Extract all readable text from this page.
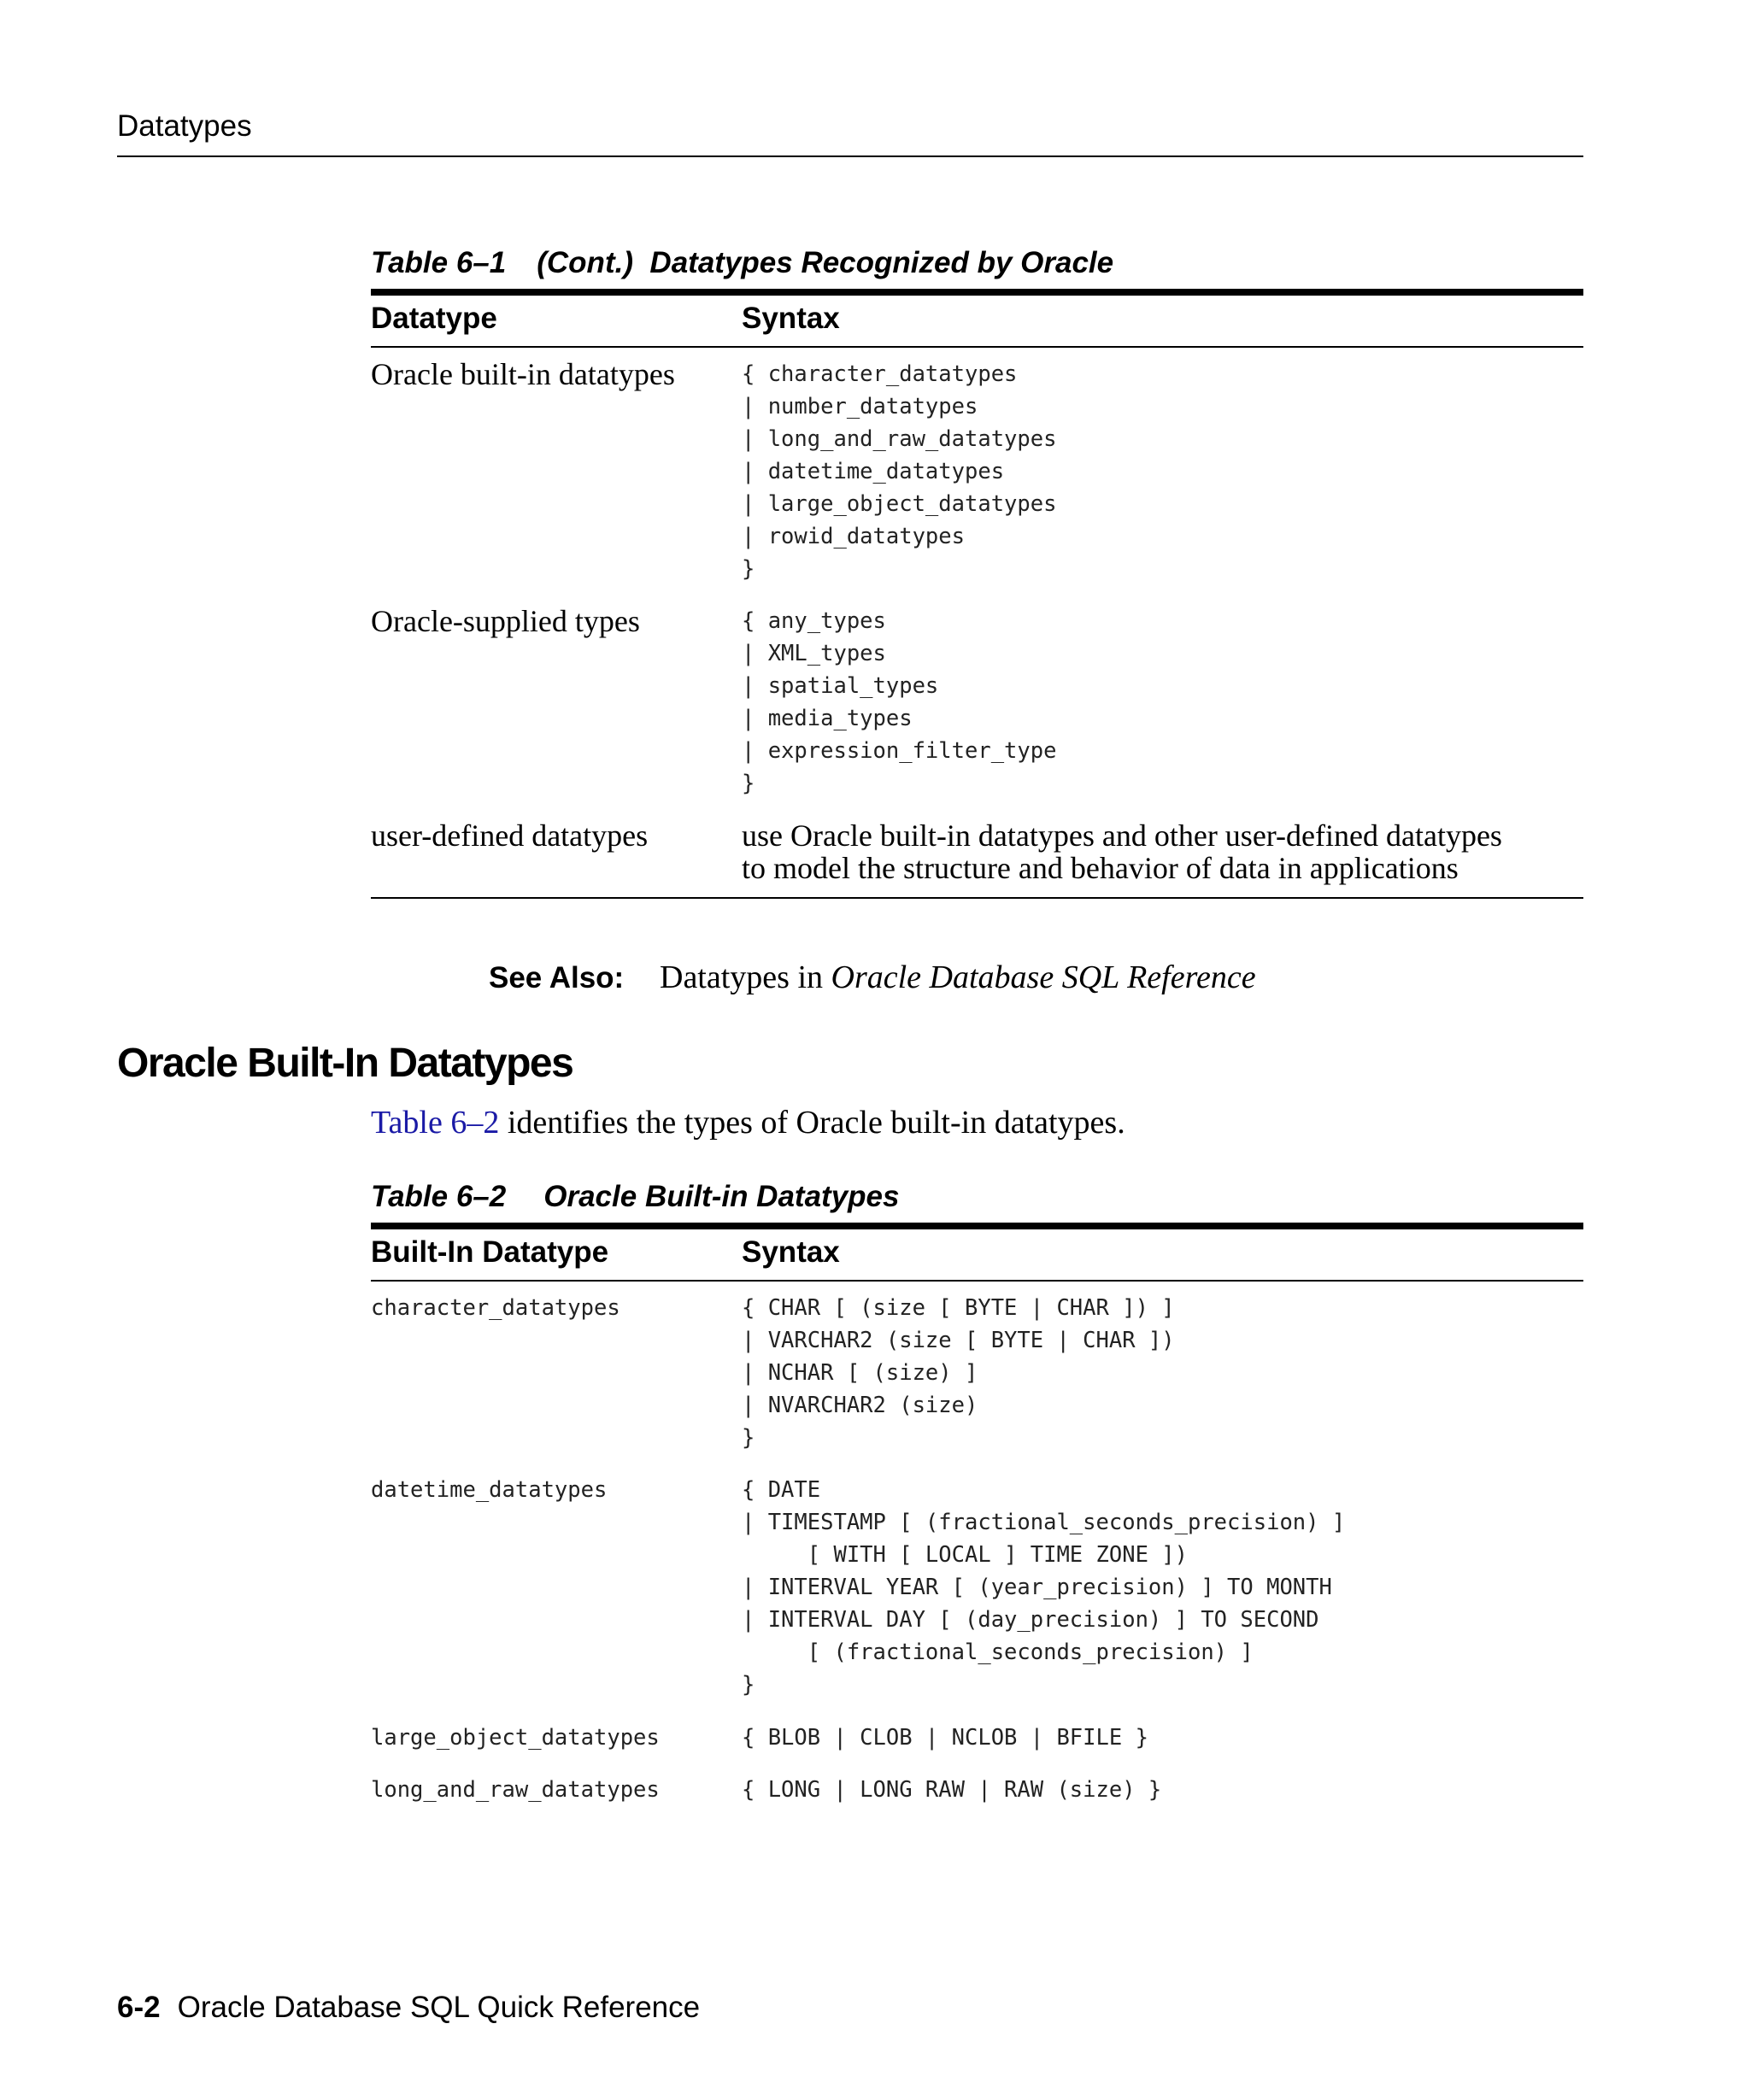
Datatypes
Table 6–1 (Cont.)  Datatypes Recognized by Oracle
Datatype	Syntax
Oracle built-in datatypes	{ character_datatypes
| number_datatypes
| long_and_raw_datatypes
| datetime_datatypes
| large_object_datatypes
| rowid_datatypes
}
Oracle-supplied types	{ any_types
| XML_types
| spatial_types
| media_types
| expression_filter_type
}
user-defined datatypes	use Oracle built-in datatypes and other user-defined datatypes
to model the structure and behavior of data in applications
See Also: Datatypes in Oracle Database SQL Reference
Oracle Built-In Datatypes
Table 6–2 identifies the types of Oracle built-in datatypes.
Table 6–2 Oracle Built-in Datatypes
Built-In Datatype	Syntax
character_datatypes	{ CHAR [ (size [ BYTE | CHAR ]) ]
| VARCHAR2 (size [ BYTE | CHAR ])
| NCHAR [ (size) ]
| NVARCHAR2 (size)
}
datetime_datatypes	{ DATE
| TIMESTAMP [ (fractional_seconds_precision) ]
[ WITH [ LOCAL ] TIME ZONE ])
| INTERVAL YEAR [ (year_precision) ] TO MONTH
| INTERVAL DAY [ (day_precision) ] TO SECOND
[ (fractional_seconds_precision) ]
}
large_object_datatypes	{ BLOB | CLOB | NCLOB | BFILE }
long_and_raw_datatypes	{ LONG | LONG RAW | RAW (size) }
6-2 Oracle Database SQL Quick Reference
